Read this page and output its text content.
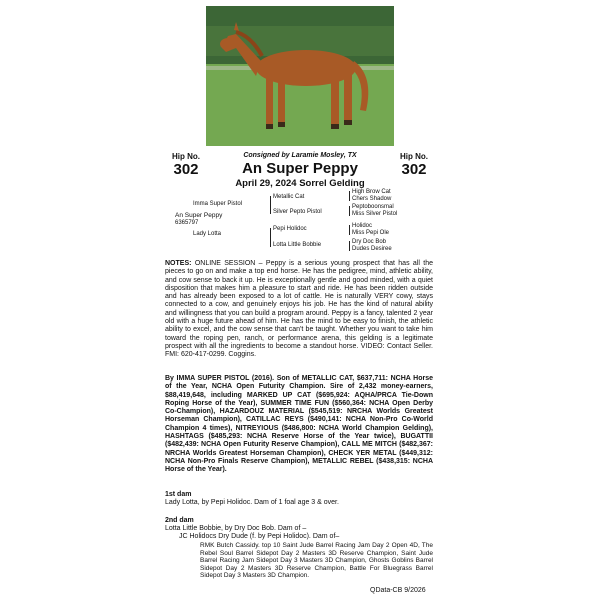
Hip No.
302
Hip No.
302
Consigned by Laramie Mosley, TX
An Super Peppy
April 29, 2024 Sorrel Gelding
Imma Super Pistol
An Super Peppy
6365797
Lady Lotta
Metallic Cat
Silver Pepto Pistol
Pepi Holidoc
Lotta Little Bobbie
High Brow Cat
Chers Shadow
Peptoboonsmal
Miss Silver Pistol
Holidoc
Miss Pepi Ole
Dry Doc Bob
Dudes Desiree
NOTES: ONLINE SESSION – Peppy is a serious young prospect that has all the pieces to go on and make a top end horse. He has the pedigree, mind, athletic ability, and cow sense to back it up. He is exceptionally gentle and good minded, with a quiet disposition that makes him a pleasure to start and ride. He has been ridden outside and has already been exposed to a lot of cattle. He is naturally VERY cowy, stays connected to a cow, and genuinely enjoys his job. He has the kind of natural ability and willingness that you can build a program around. Peppy is a fancy, talented 2 year old with a huge future ahead of him. He has the mind to be easy to finish, the athletic ability to excel, and the cow sense that can't be taught. Whether you want to take him toward the roping pen, ranch, or performance arena, this gelding is a legitimate prospect with all the ingredients to become a standout horse. VIDEO: Contact Seller. FMI: 620-417-0299. Coggins.
By IMMA SUPER PISTOL (2016). Son of METALLIC CAT, $637,711: NCHA Horse of the Year, NCHA Open Futurity Champion. Sire of 2,432 money-earners, $88,419,648, including MARKED UP CAT ($695,924: AQHA/PRCA Tie-Down Roping Horse of the Year), SUMMER TIME FUN ($560,364: NCHA Open Derby Co-Champion), HAZARDOUZ MATERIAL ($545,519: NRCHA Worlds Greatest Horseman Champion), CATILLAC REYS ($490,141: NCHA Non-Pro Co-World Champion 4 times), NITREYIOUS ($486,800: NCHA World Champion Gelding), HASHTAGS ($485,293: NCHA Reserve Horse of the Year twice), BUGATTII ($482,439: NCHA Open Futurity Reserve Champion), CALL ME MITCH ($482,367: NRCHA Worlds Greatest Horseman Champion), CHECK YER METAL ($449,312: NCHA Non-Pro Finals Reserve Champion), METALLIC REBEL ($438,315: NCHA Horse of the Year).
1st dam
Lady Lotta, by Pepi Holidoc. Dam of 1 foal age 3 & over.
2nd dam
Lotta Little Bobbie, by Dry Doc Bob. Dam of –
JC Holidocs Dry Dude (f. by Pepi Holidoc). Dam of–
RMK Butch Cassidy. top 10 Saint Jude Barrel Racing Jam Day 2 Open 4D, The Rebel Soul Barrel Sidepot Day 2 Masters 3D Reserve Champion, Saint Jude Barrel Racing Jam Sidepot Day 3 Masters 3D Champion, Ghosts Goblins Barrel Sidepot Day 2 Masters 3D Reserve Champion, Battle For Bluegrass Barrel Sidepot Day 3 Masters 3D Champion.
QData-CB 9/2026
